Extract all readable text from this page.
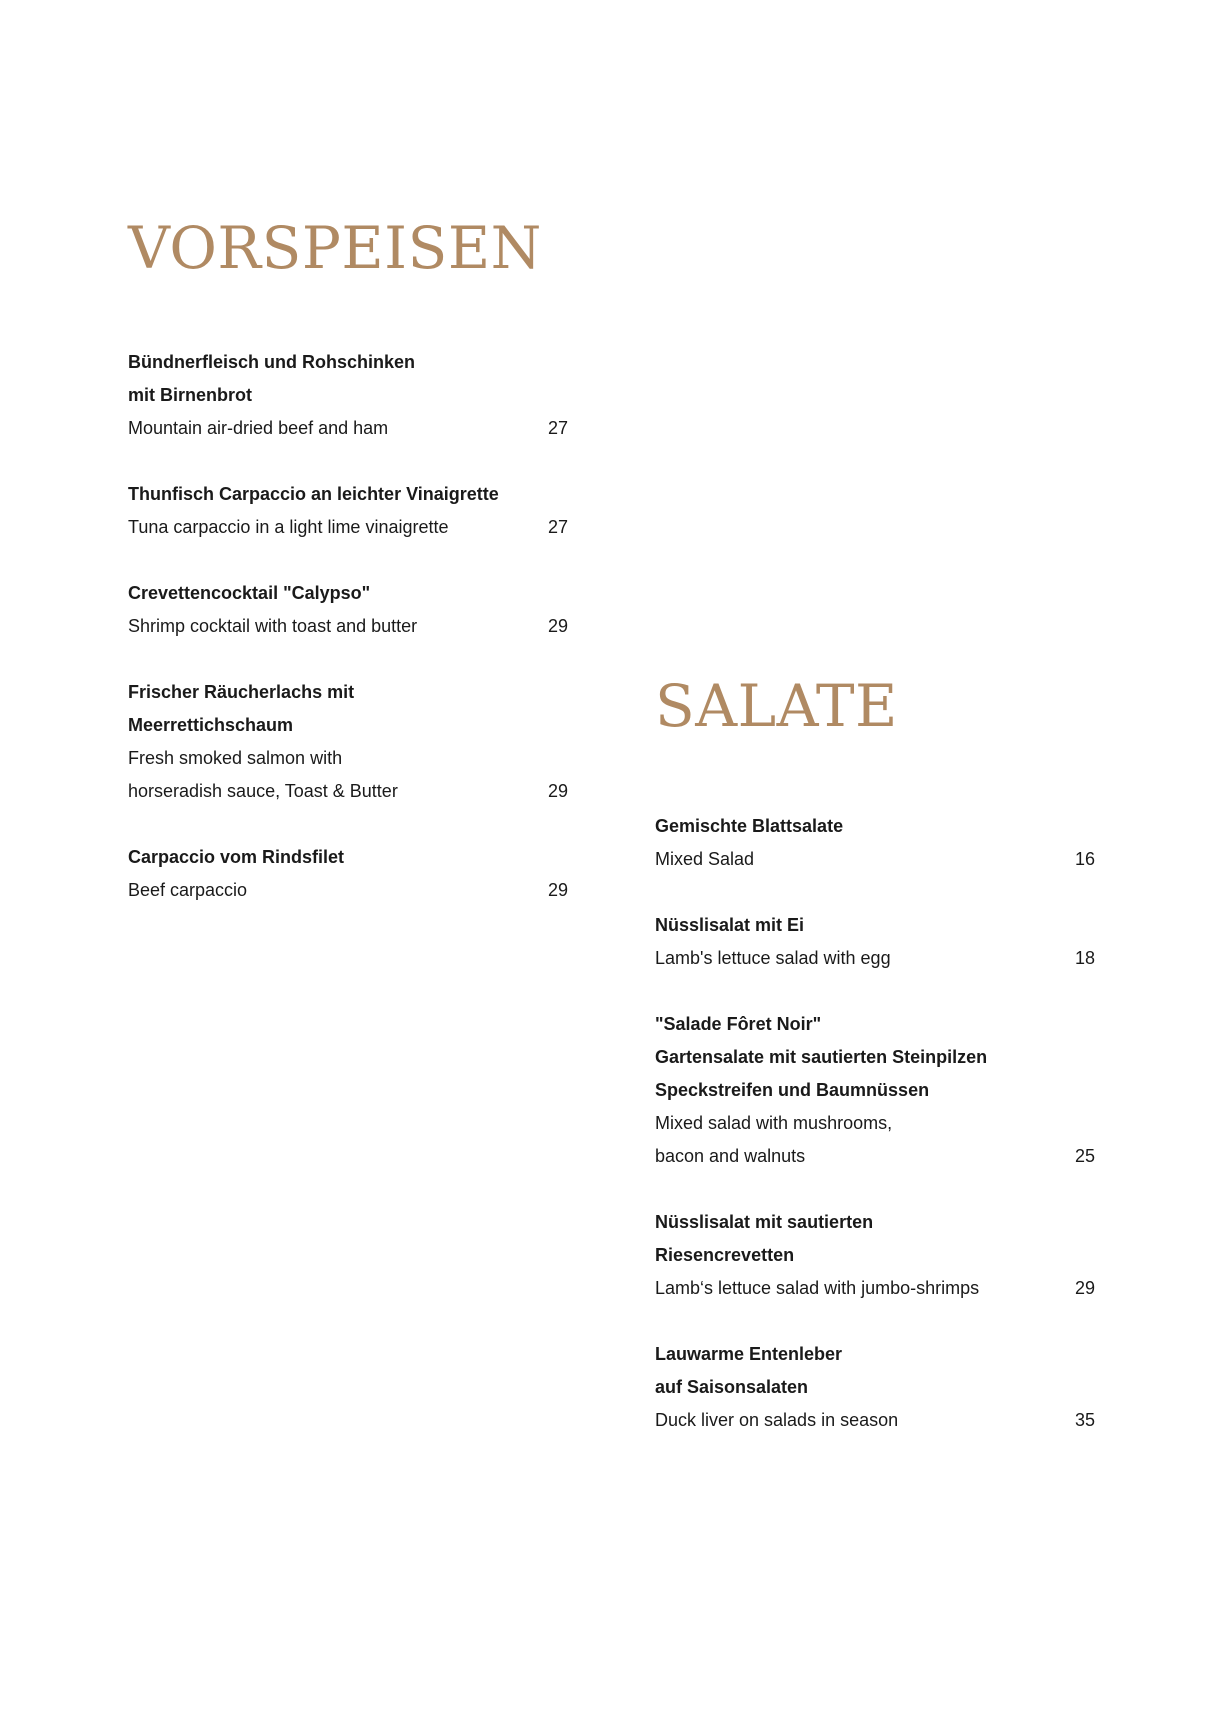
VORSPEISEN
Bündnerfleisch und Rohschinken
mit Birnenbrot
Mountain air-dried beef and ham	27
Thunfisch Carpaccio an leichter Vinaigrette
Tuna carpaccio in a light lime vinaigrette	27
Crevettencocktail "Calypso"
Shrimp cocktail with toast and butter	29
Frischer Räucherlachs mit
Meerrettichschaum
Fresh smoked salmon with
horseradish sauce, Toast & Butter	29
Carpaccio vom Rindsfilet
Beef carpaccio	29
SALATE
Gemischte Blattsalate
Mixed Salad	16
Nüsslisalat mit Ei
Lamb's lettuce salad with egg	18
"Salade Fôret Noir"
Gartensalate mit sautierten Steinpilzen
Speckstreifen und Baumnüssen
Mixed salad with mushrooms,
bacon and walnuts	25
Nüsslisalat mit sautierten
Riesencrevetten
Lamb‘s lettuce salad with jumbo-shrimps	29
Lauwarme Entenleber
auf Saisonsalaten
Duck liver on salads in season	35
